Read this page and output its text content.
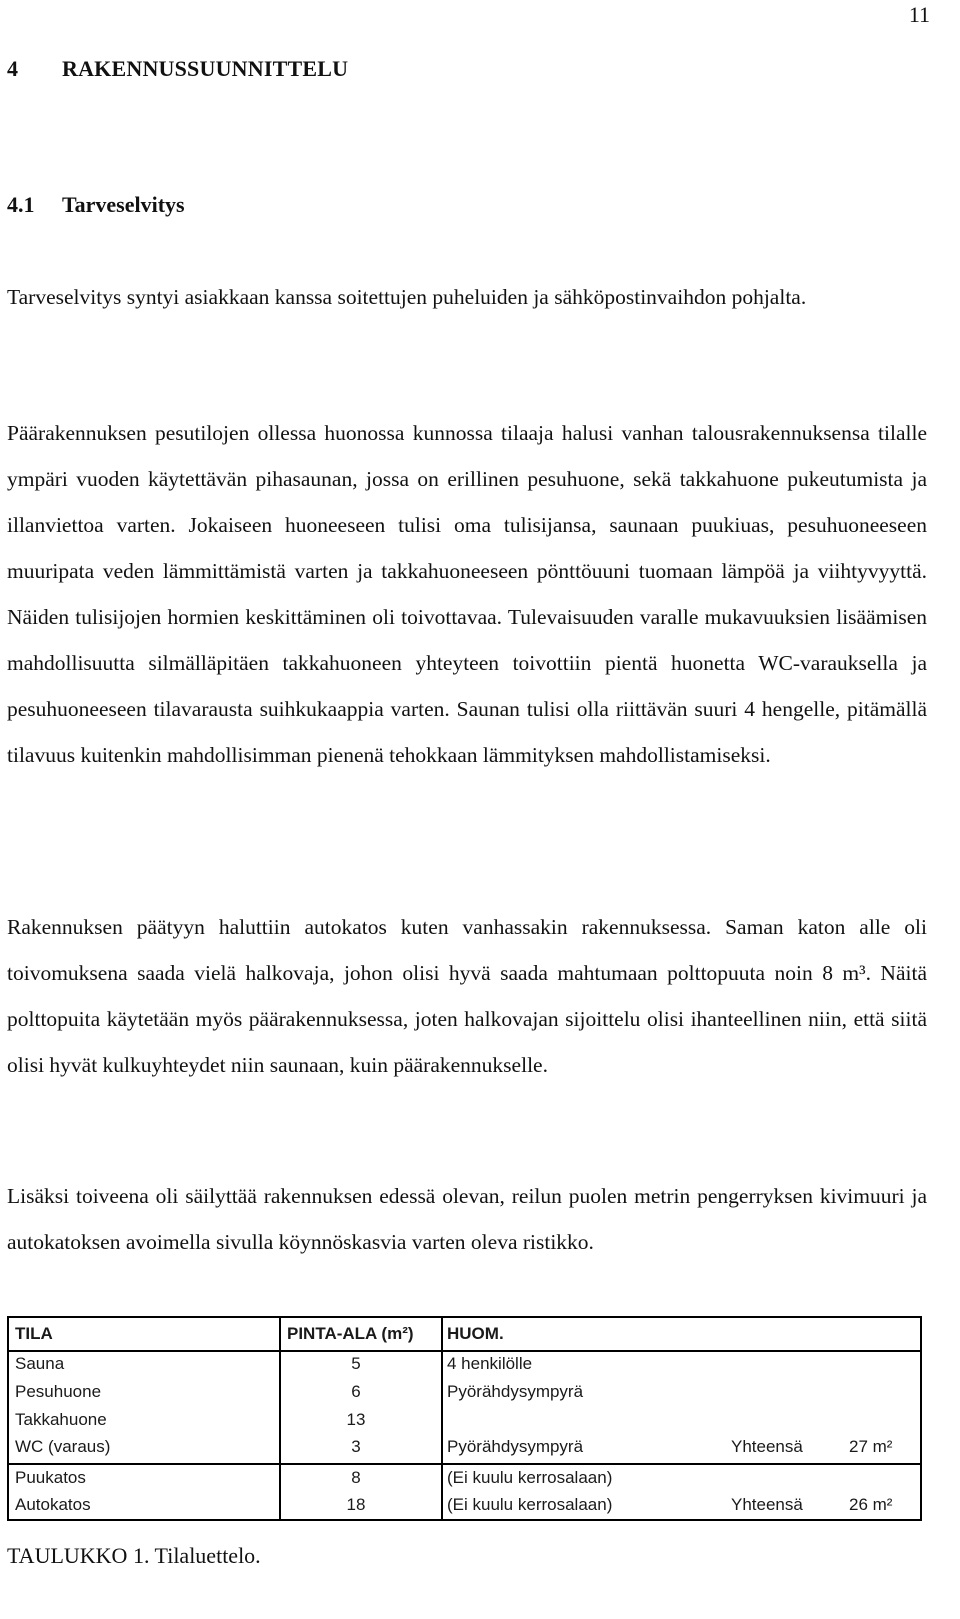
11
4 RAKENNUSSUUNNITTELU
4.1 Tarveselvitys

Tarveselvitys syntyi asiakkaan kanssa soitettujen puheluiden ja sähköpostinvaihdon pohjalta.

Päärakennuksen pesutilojen ollessa huonossa kunnossa tilaaja halusi vanhan talousrakennuksensa tilalle ympäri vuoden käytettävän pihasaunan, jossa on erillinen pesuhuone, sekä takkahuone pukeutumista ja illanviettoa varten. Jokaiseen huoneeseen tulisi oma tulisijansa, saunaan puukiuas, pesuhuoneeseen muuripata veden lämmittämistä varten ja takkahuoneeseen pönttöuuni tuomaan lämpöä ja viihtyvyyttä. Näiden tulisijojen hormien keskittäminen oli toivottavaa. Tulevaisuuden varalle mukavuuksien lisäämisen mahdollisuutta silmälläpitäen takkahuoneen yhteyteen toivottiin pientä huonetta WC-varauksella ja pesuhuoneeseen tilavarausta suihkukaappia varten. Saunan tulisi olla riittävän suuri 4 hengelle, pitämällä tilavuus kuitenkin mahdollisimman pienenä tehokkaan lämmityksen mahdollistamiseksi.

Rakennuksen päätyyn haluttiin autokatos kuten vanhassakin rakennuksessa. Saman katon alle oli toivomuksena saada vielä halkovaja, johon olisi hyvä saada mahtumaan polttopuuta noin 8 m³. Näitä polttopuita käytetään myös päärakennuksessa, joten halkovajan sijoittelu olisi ihanteellinen niin, että siitä olisi hyvät kulkuyhteydet niin saunaan, kuin päärakennukselle.

Lisäksi toiveena oli säilyttää rakennuksen edessä olevan, reilun puolen metrin pengerryksen kivimuuri ja autokatoksen avoimella sivulla köynnöskasvia varten oleva ristikko.

TILA	PINTA-ALA (m²) HUOM.
Sauna	5	4 henkilölle
Pesuhuone	6	Pyörähdysympyrä
Takkahuone	13
WC (varaus)	3	Pyörähdysympyrä	Yhteensä	27 m²
Puukatos	8	(Ei kuulu kerrosalaan)
Autokatos	18	(Ei kuulu kerrosalaan)	Yhteensä	26 m²

TAULUKKO 1. Tilaluettelo.
